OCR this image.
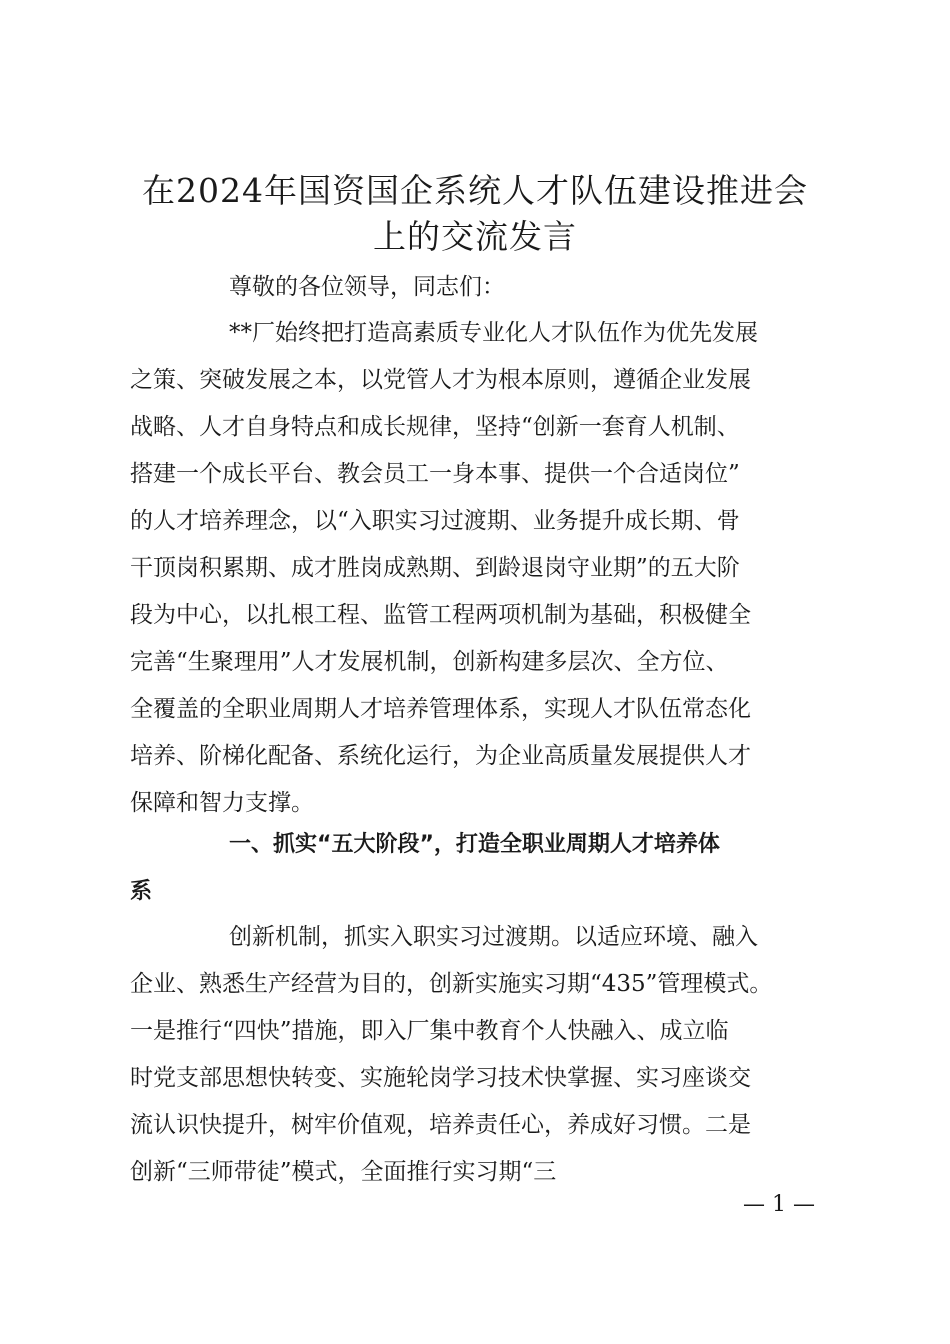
在2024年国资国企系统人才队伍建设推进会
上的交流发言

尊敬的各位领导，同志们：

**厂始终把打造高素质专业化人才队伍作为优先发展

之策、突破发展之本，以党管人才为根本原则，遵循企业发展

战略、人才自身特点和成长规律，坚持“创新一套育人机制、

搭建一个成长平台、教会员工一身本事、提供一个合适岗位”

的人才培养理念，以“入职实习过渡期、业务提升成长期、骨

干顶岗积累期、成才胜岗成熟期、到龄退岗守业期”的五大阶

段为中心，以扎根工程、监管工程两项机制为基础，积极健全

完善“生聚理用”人才发展机制，创新构建多层次、全方位、

全覆盖的全职业周期人才培养管理体系，实现人才队伍常态化

培养、阶梯化配备、系统化运行，为企业高质量发展提供人才

保障和智力支撑。

一、抓实“五大阶段”，打造全职业周期人才培养体

系

创新机制，抓实入职实习过渡期。以适应环境、融入

企业、熟悉生产经营为目的，创新实施实习期“435”管理模式。

一是推行“四快”措施，即入厂集中教育个人快融入、成立临

时党支部思想快转变、实施轮岗学习技术快掌握、实习座谈交

流认识快提升，树牢价值观，培养责任心，养成好习惯。二是

创新“三师带徒”模式，全面推行实习期“三

— 1 —
